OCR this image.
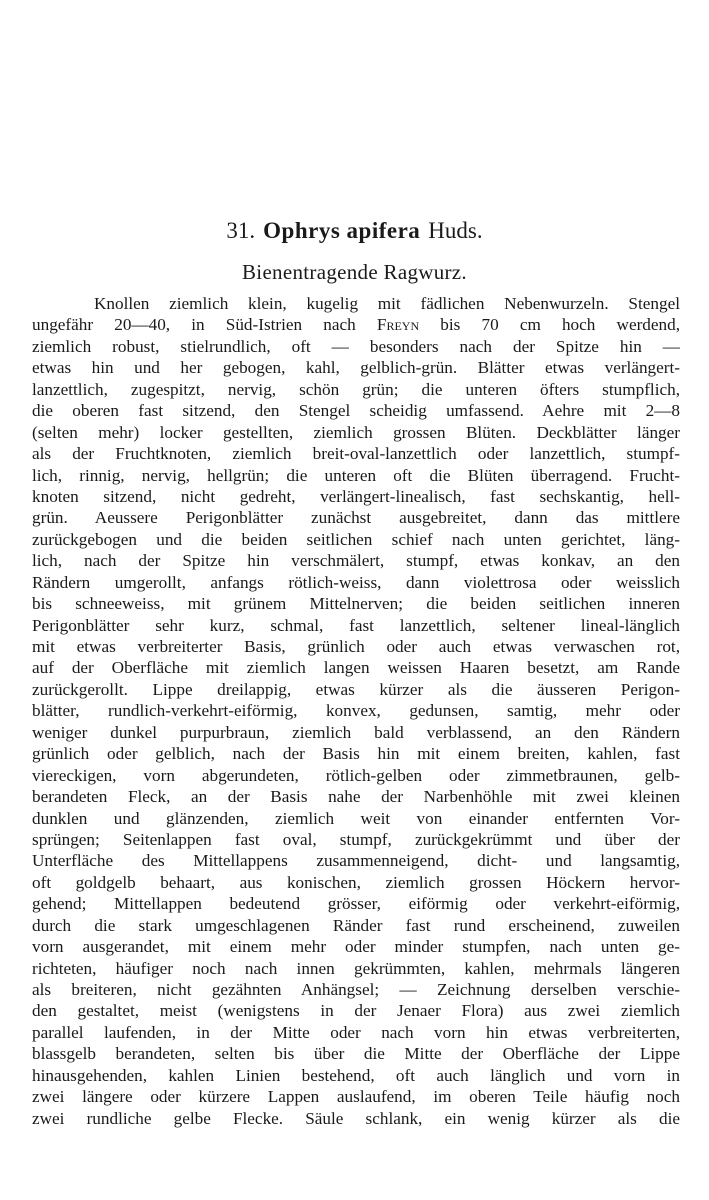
31. Ophrys apifera Huds.
Bienentragende Ragwurz.
Knollen ziemlich klein, kugelig mit fädlichen Nebenwurzeln. Stengel
ungefähr 20—40, in Süd-Istrien nach Freyn bis 70 cm hoch werdend,
ziemlich robust, stielrundlich, oft — besonders nach der Spitze hin —
etwas hin und her gebogen, kahl, gelblich-grün. Blätter etwas verlängert-
lanzettlich, zugespitzt, nervig, schön grün; die unteren öfters stumpflich,
die oberen fast sitzend, den Stengel scheidig umfassend. Aehre mit 2—8
(selten mehr) locker gestellten, ziemlich grossen Blüten. Deckblätter länger
als der Fruchtknoten, ziemlich breit-oval-lanzettlich oder lanzettlich, stumpf-
lich, rinnig, nervig, hellgrün; die unteren oft die Blüten überragend. Frucht-
knoten sitzend, nicht gedreht, verlängert-linealisch, fast sechskantig, hell-
grün. Aeussere Perigonblätter zunächst ausgebreitet, dann das mittlere
zurückgebogen und die beiden seitlichen schief nach unten gerichtet, läng-
lich, nach der Spitze hin verschmälert, stumpf, etwas konkav, an den
Rändern umgerollt, anfangs rötlich-weiss, dann violettrosa oder weisslich
bis schneeweiss, mit grünem Mittelnerven; die beiden seitlichen inneren
Perigonblätter sehr kurz, schmal, fast lanzettlich, seltener lineal-länglich
mit etwas verbreiterter Basis, grünlich oder auch etwas verwaschen rot,
auf der Oberfläche mit ziemlich langen weissen Haaren besetzt, am Rande
zurückgerollt. Lippe dreilappig, etwas kürzer als die äusseren Perigon-
blätter, rundlich-verkehrt-eiförmig, konvex, gedunsen, samtig, mehr oder
weniger dunkel purpurbraun, ziemlich bald verblassend, an den Rändern
grünlich oder gelblich, nach der Basis hin mit einem breiten, kahlen, fast
viereckigen, vorn abgerundeten, rötlich-gelben oder zimmetbraunen, gelb-
berandeten Fleck, an der Basis nahe der Narbenhöhle mit zwei kleinen
dunklen und glänzenden, ziemlich weit von einander entfernten Vor-
sprüngen; Seitenlappen fast oval, stumpf, zurückgekrümmt und über der
Unterfläche des Mittellappens zusammenneigend, dicht- und langsamtig,
oft goldgelb behaart, aus konischen, ziemlich grossen Höckern hervor-
gehend; Mittellappen bedeutend grösser, eiförmig oder verkehrt-eiförmig,
durch die stark umgeschlagenen Ränder fast rund erscheinend, zuweilen
vorn ausgerandet, mit einem mehr oder minder stumpfen, nach unten ge-
richteten, häufiger noch nach innen gekrümmten, kahlen, mehrmals längeren
als breiteren, nicht gezähnten Anhängsel; — Zeichnung derselben verschie-
den gestaltet, meist (wenigstens in der Jenaer Flora) aus zwei ziemlich
parallel laufenden, in der Mitte oder nach vorn hin etwas verbreiterten,
blassgelb berandeten, selten bis über die Mitte der Oberfläche der Lippe
hinausgehenden, kahlen Linien bestehend, oft auch länglich und vorn in
zwei längere oder kürzere Lappen auslaufend, im oberen Teile häufig noch
zwei rundliche gelbe Flecke. Säule schlank, ein wenig kürzer als die
